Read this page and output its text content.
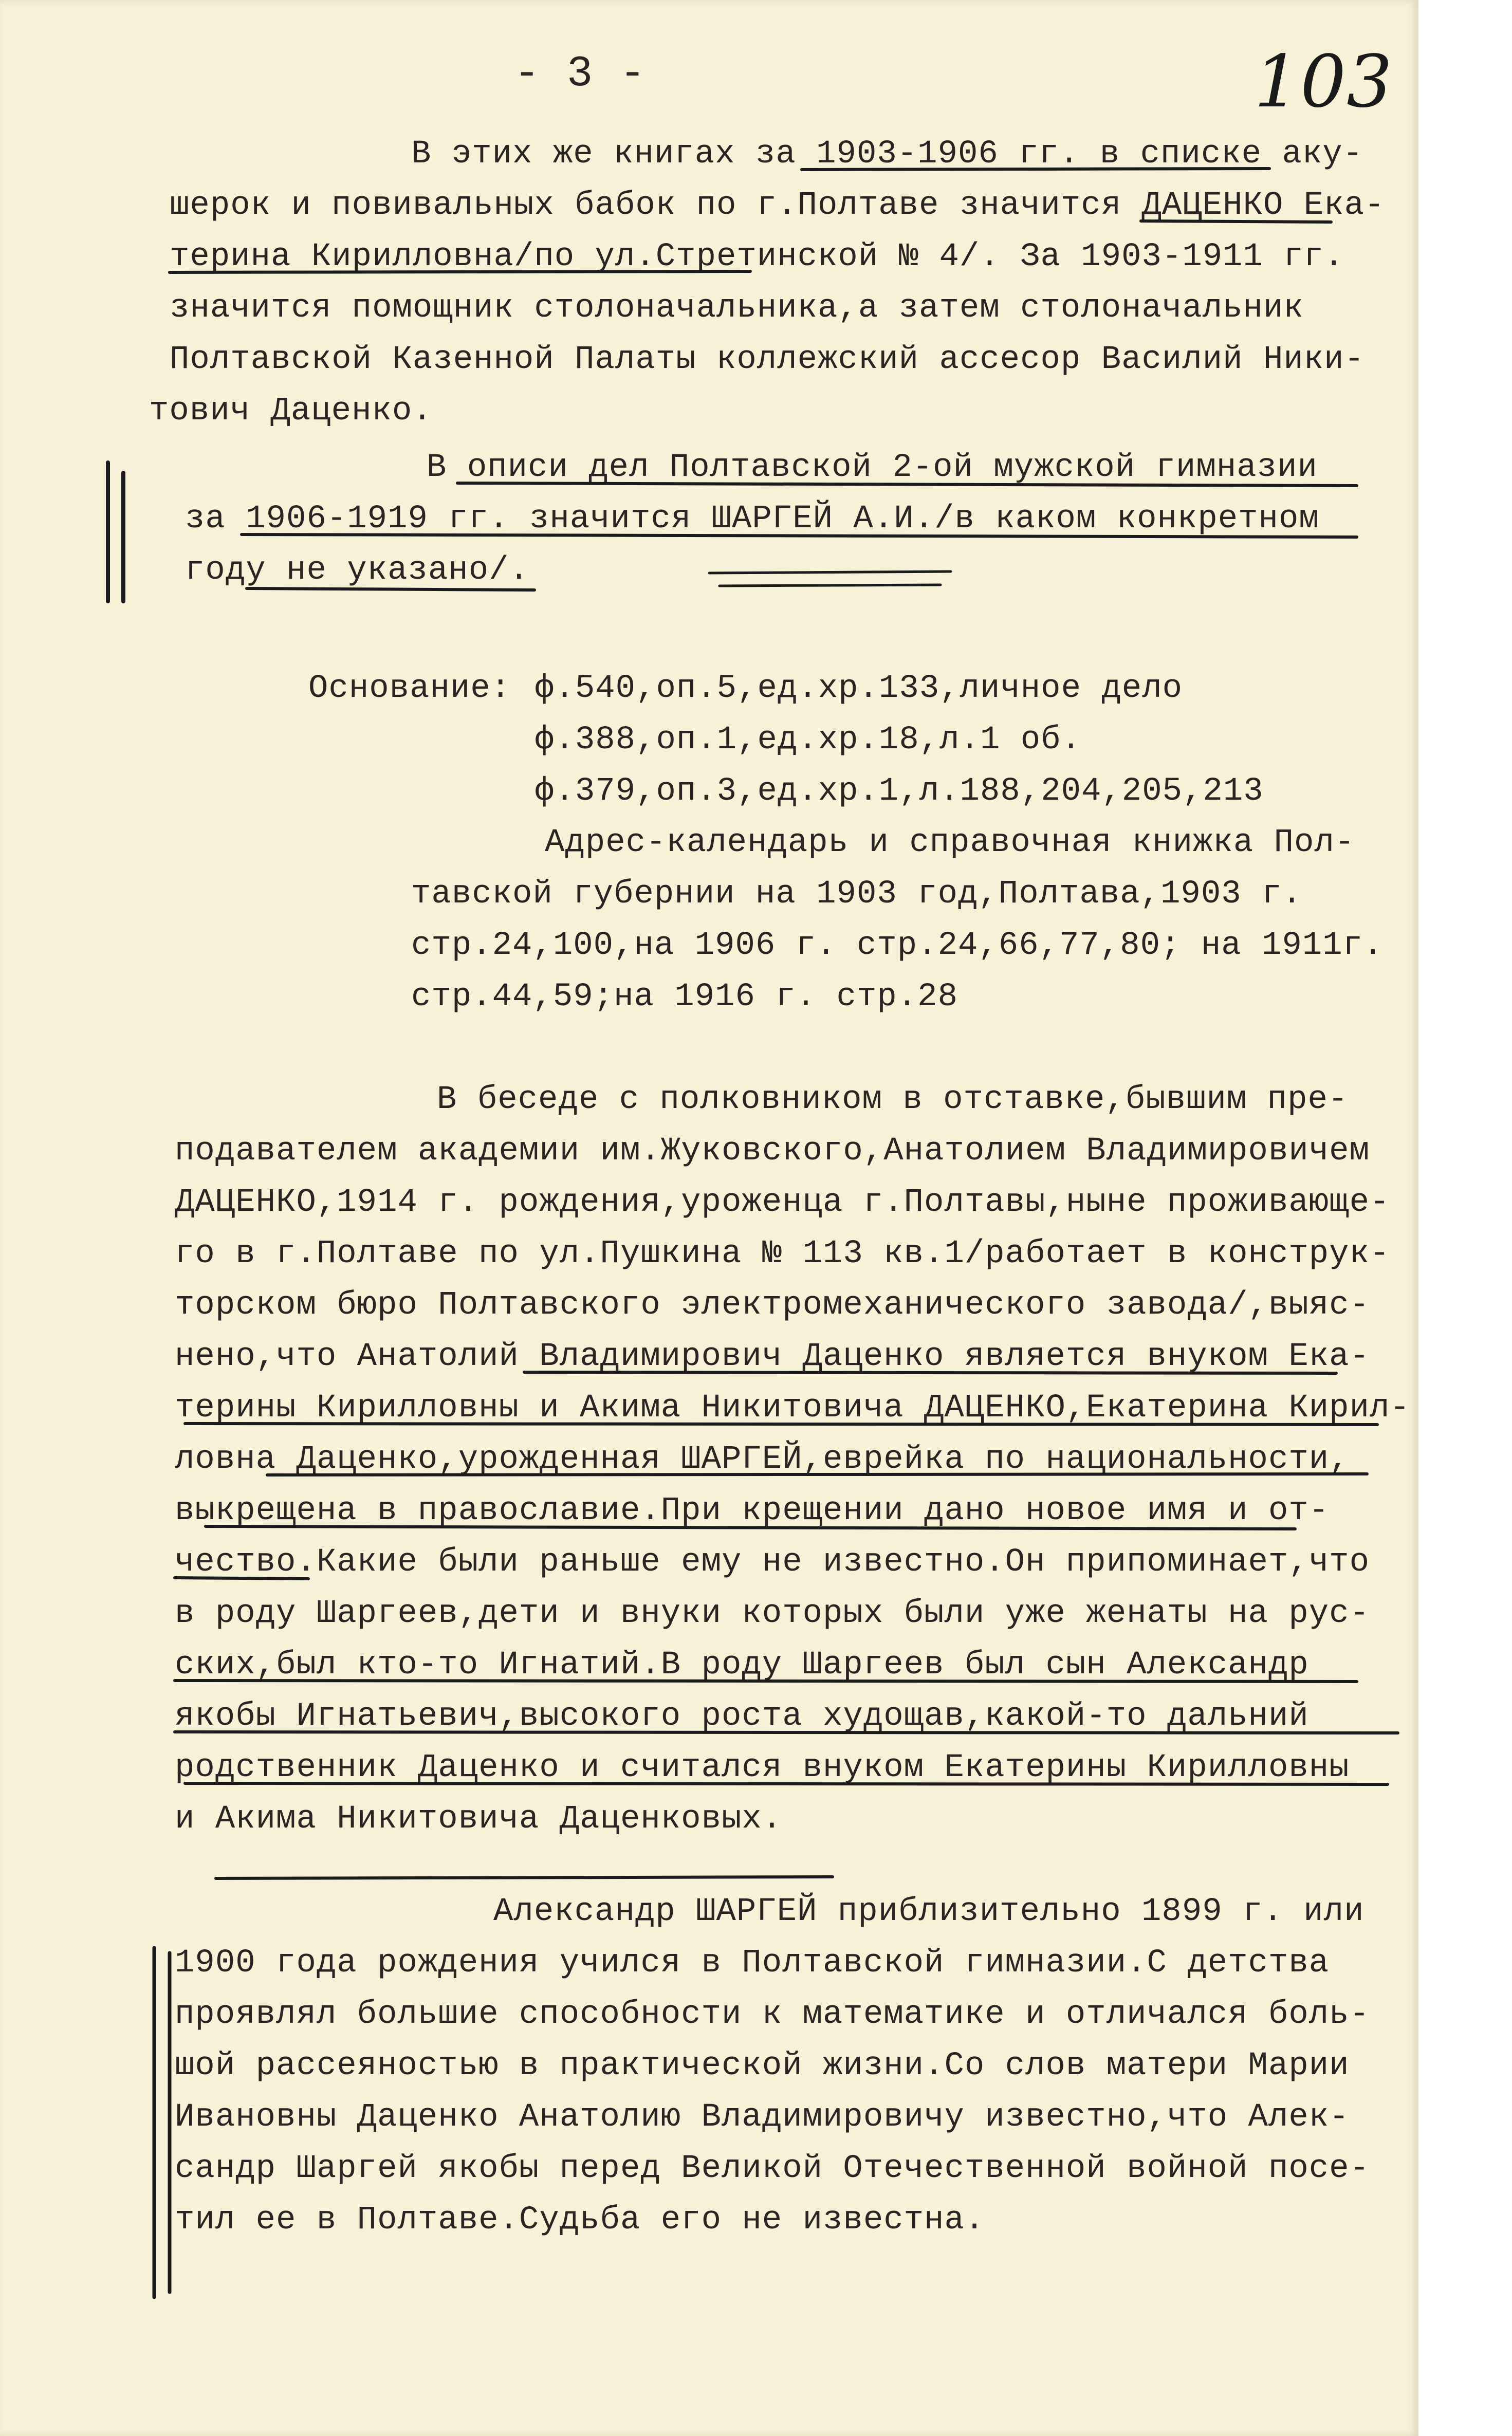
- 3 -	103
В этих же книгах за 1903-1906 гг. в списке аку-
шерок и повивальных бабок по г.Полтаве значится ДАЦЕНКО Ека-
терина Кирилловна/по ул.Стретинской № 4/. За 1903-1911 гг.
значится помощник столоначальника,а затем столоначальник
Полтавской Казенной Палаты коллежский ассесор Василий Ники-
тович Даценко.
В описи дел Полтавской 2-ой мужской гимназии
за 1906-1919 гг. значится ШАРГЕЙ А.И./в каком конкретном
году не указано/.
Основание: ф.540,оп.5,ед.хр.133,личное дело
ф.388,оп.1,ед.хр.18,л.1 об.
ф.379,оп.3,ед.хр.1,л.188,204,205,213
Адрес-календарь и справочная книжка Пол-
тавской губернии на 1903 год,Полтава,1903 г.
стр.24,100,на 1906 г. стр.24,66,77,80; на 1911г.
стр.44,59;на 1916 г. стр.28
В беседе с полковником в отставке,бывшим пре-
подавателем академии им.Жуковского,Анатолием Владимировичем
ДАЦЕНКО,1914 г. рождения,уроженца г.Полтавы,ныне проживающе-
го в г.Полтаве по ул.Пушкина № 113 кв.1/работает в конструк-
торском бюро Полтавского электромеханического завода/,выяс-
нено,что Анатолий Владимирович Даценко является внуком Ека-
терины Кирилловны и Акима Никитовича ДАЦЕНКО,Екатерина Кирил-
ловна Даценко,урожденная ШАРГЕЙ,еврейка по национальности,
выкрещена в православие.При крещении дано новое имя и от-
чество.Какие были раньше ему не известно.Он припоминает,что
в роду Шаргеев,дети и внуки которых были уже женаты на рус-
ских,был кто-то Игнатий.В роду Шаргеев был сын Александр
якобы Игнатьевич,высокого роста худощав,какой-то дальний
родственник Даценко и считался внуком Екатерины Кирилловны
и Акима Никитовича Даценковых.
Александр ШАРГЕЙ приблизительно 1899 г. или
1900 года рождения учился в Полтавской гимназии.С детства
проявлял большие способности к математике и отличался боль-
шой рассеяностью в практической жизни.Со слов матери Марии
Ивановны Даценко Анатолию Владимировичу известно,что Алек-
сандр Шаргей якобы перед Великой Отечественной войной посе-
тил ее в Полтаве.Судьба его не известна.
